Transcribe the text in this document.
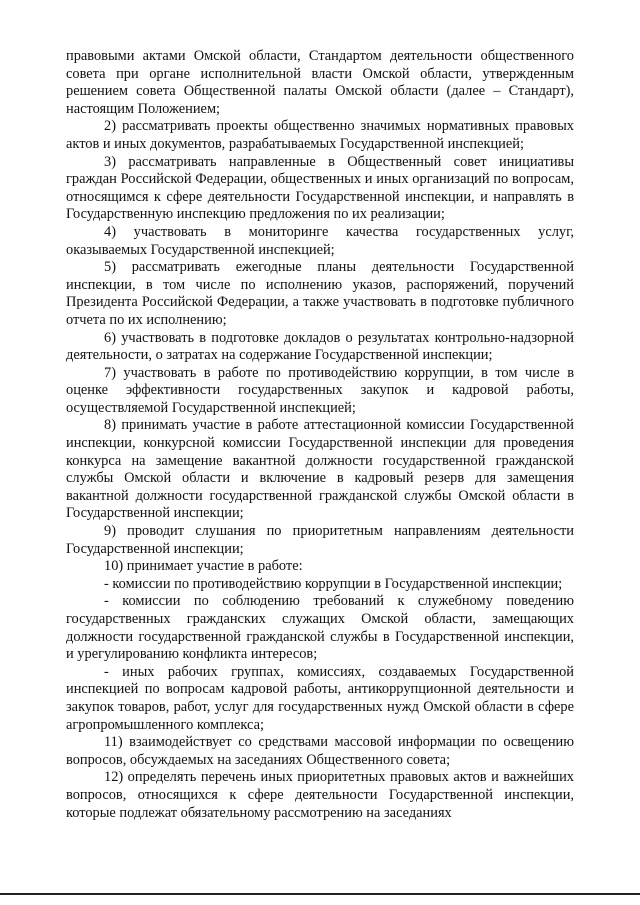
правовыми актами Омской области, Стандартом деятельности общественного совета при органе исполнительной власти Омской области, утвержденным решением совета Общественной палаты Омской области (далее – Стандарт), настоящим Положением;

2) рассматривать проекты общественно значимых нормативных правовых актов и иных документов, разрабатываемых Государственной инспекцией;

3) рассматривать направленные в Общественный совет инициативы граждан Российской Федерации, общественных и иных организаций по вопросам, относящимся к сфере деятельности Государственной инспекции, и направлять в Государственную инспекцию предложения по их реализации;

4) участвовать в мониторинге качества государственных услуг, оказываемых Государственной инспекцией;

5) рассматривать ежегодные планы деятельности Государственной инспекции, в том числе по исполнению указов, распоряжений, поручений Президента Российской Федерации, а также участвовать в подготовке публичного отчета по их исполнению;

6) участвовать в подготовке докладов о результатах контрольно-надзорной деятельности, о затратах на содержание Государственной инспекции;

7) участвовать в работе по противодействию коррупции, в том числе в оценке эффективности государственных закупок и кадровой работы, осуществляемой Государственной инспекцией;

8) принимать участие в работе аттестационной комиссии Государственной инспекции, конкурсной комиссии Государственной инспекции для проведения конкурса на замещение вакантной должности государственной гражданской службы Омской области и включение в кадровый резерв для замещения вакантной должности государственной гражданской службы Омской области в Государственной инспекции;

9) проводит слушания по приоритетным направлениям деятельности Государственной инспекции;

10) принимает участие в работе:

- комиссии по противодействию коррупции в Государственной инспекции;

- комиссии по соблюдению требований к служебному поведению государственных гражданских служащих Омской области, замещающих должности государственной гражданской службы в Государственной инспекции, и урегулированию конфликта интересов;

- иных рабочих группах, комиссиях, создаваемых Государственной инспекцией по вопросам кадровой работы, антикоррупционной деятельности и закупок товаров, работ, услуг для государственных нужд Омской области в сфере агропромышленного комплекса;

11) взаимодействует со средствами массовой информации по освещению вопросов, обсуждаемых на заседаниях Общественного совета;

12) определять перечень иных приоритетных правовых актов и важнейших вопросов, относящихся к сфере деятельности Государственной инспекции, которые подлежат обязательному рассмотрению на заседаниях
